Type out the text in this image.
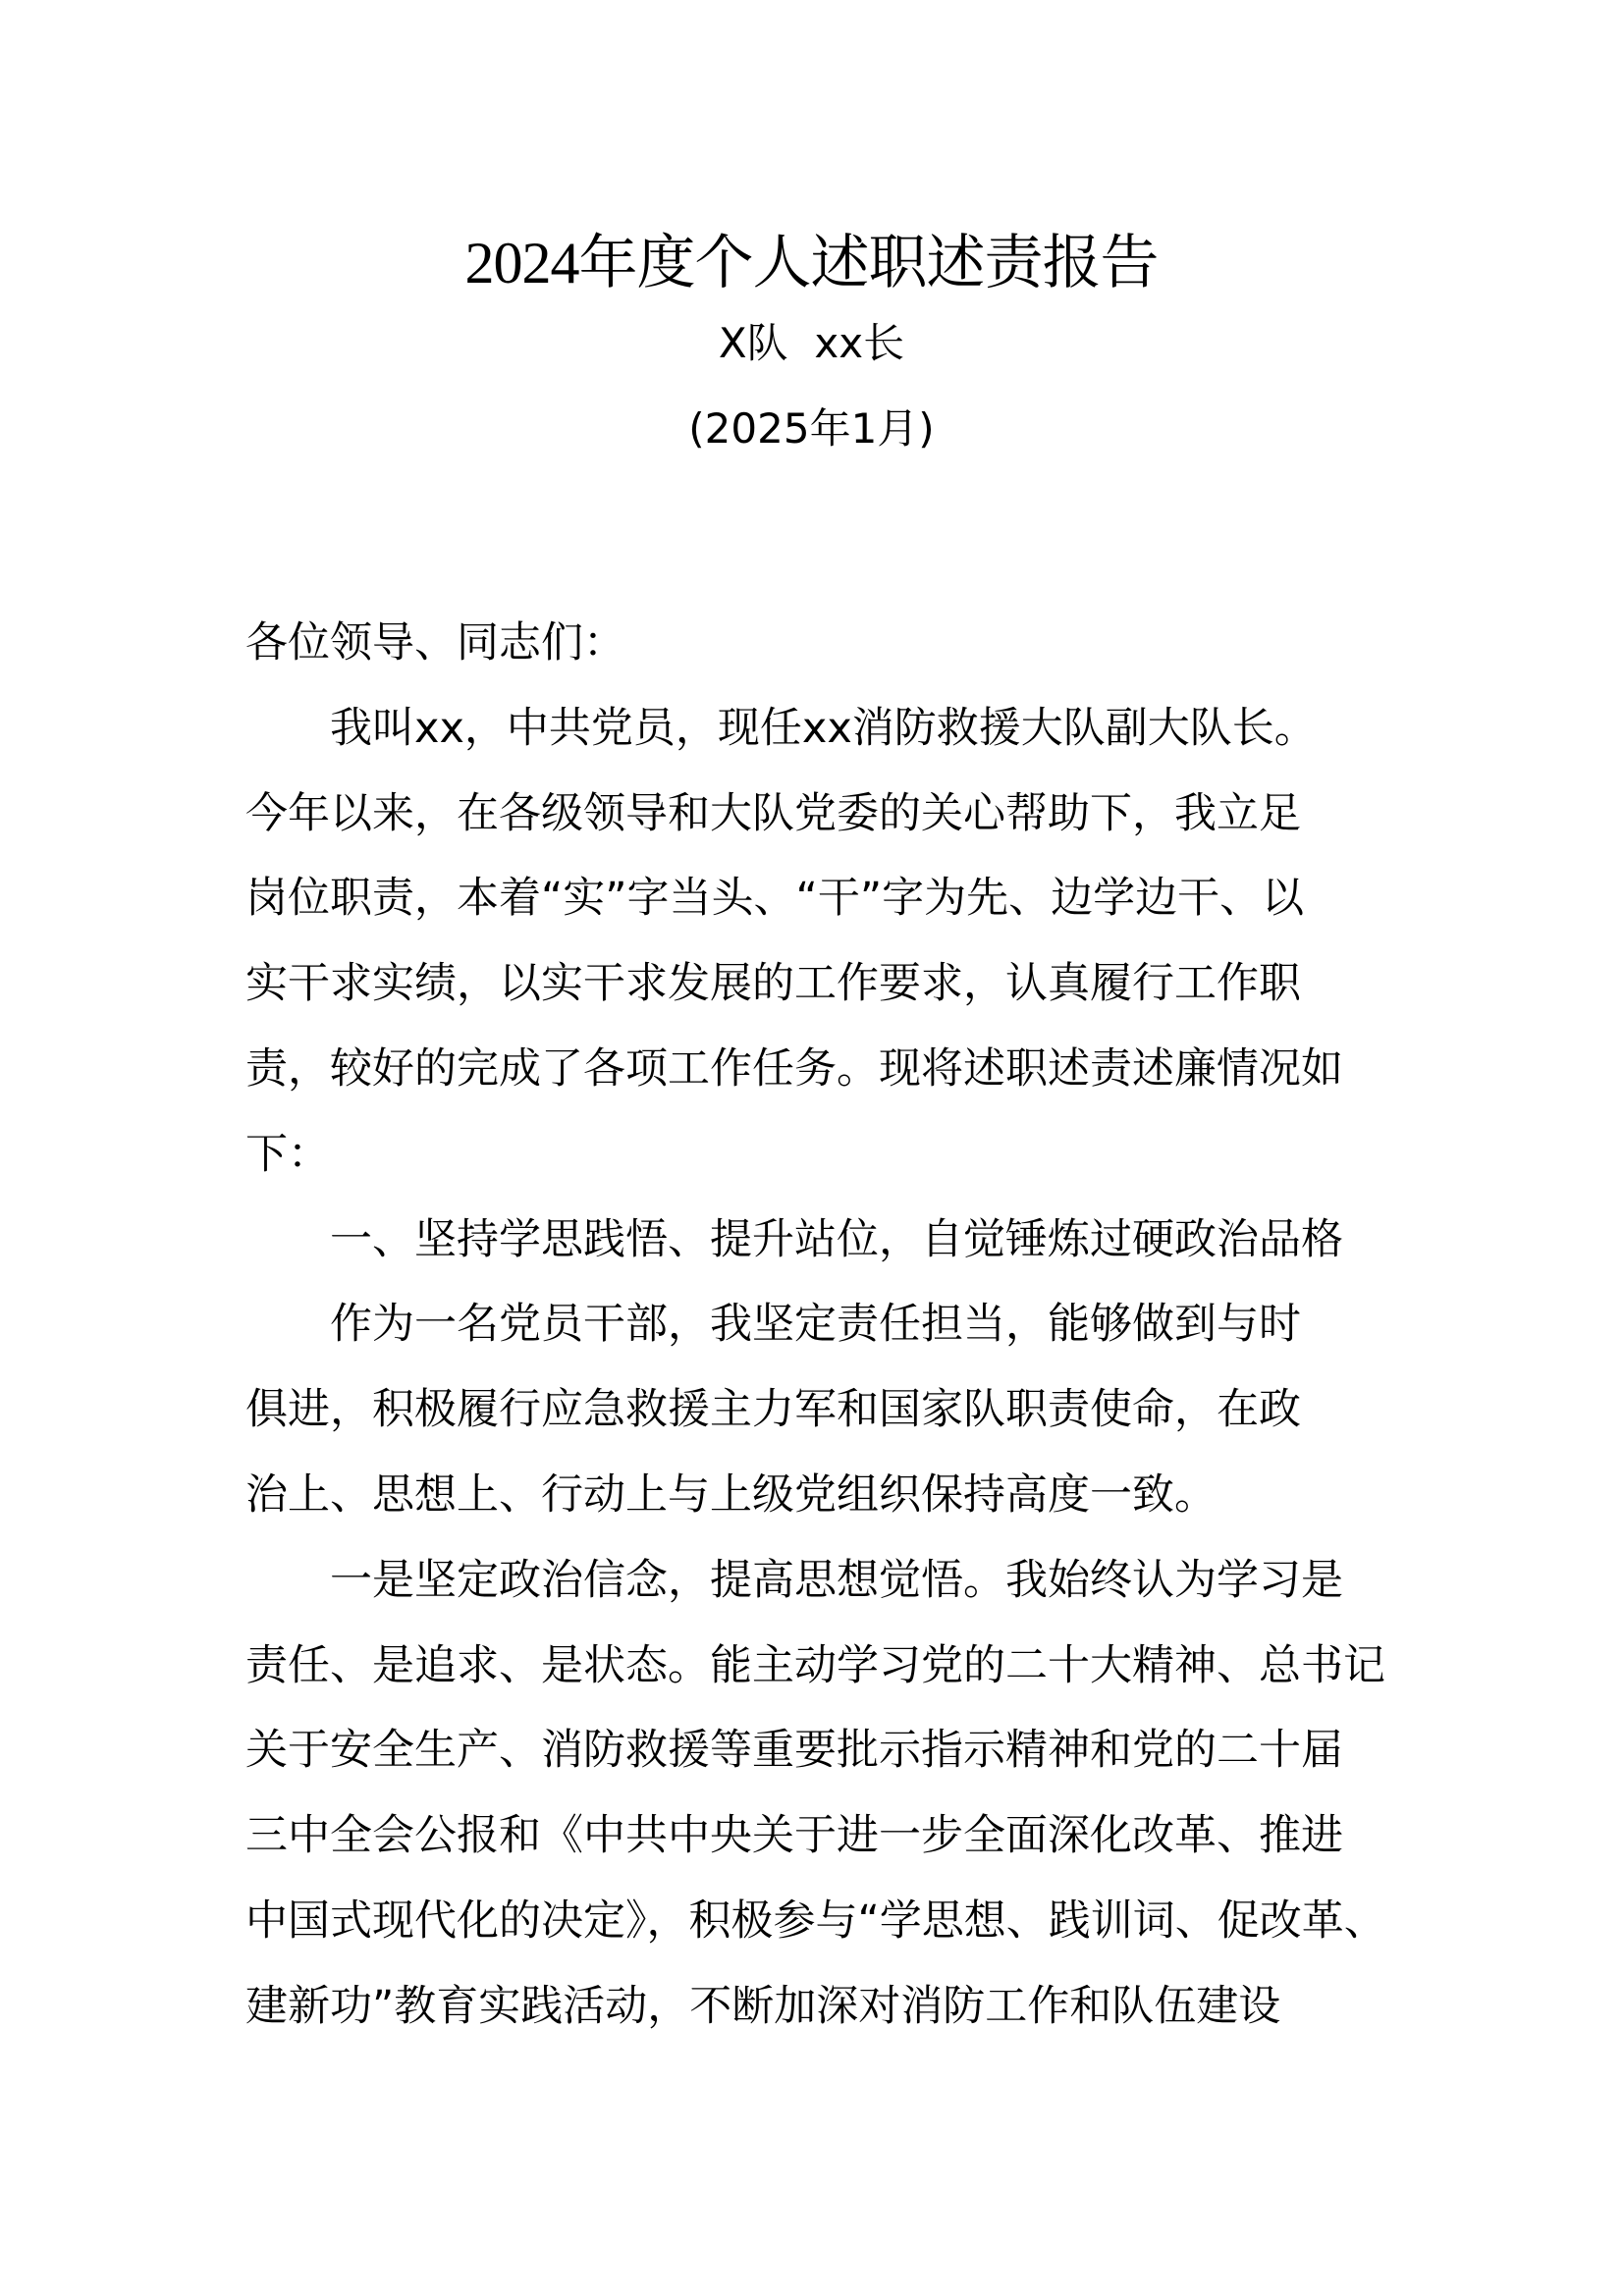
2024年度个人述职述责报告
X队  xx长
(2025年1月)
各位领导、同志们：
我叫xx，中共党员，现任xx消防救援大队副大队长。
今年以来，在各级领导和大队党委的关心帮助下，我立足
岗位职责，本着“实”字当头、“干”字为先、边学边干、以
实干求实绩，以实干求发展的工作要求，认真履行工作职
责，较好的完成了各项工作任务。现将述职述责述廉情况如
下：
一、坚持学思践悟、提升站位，自觉锤炼过硬政治品格
作为一名党员干部，我坚定责任担当，能够做到与时
俱进，积极履行应急救援主力军和国家队职责使命，在政
治上、思想上、行动上与上级党组织保持高度一致。
一是坚定政治信念，提高思想觉悟。我始终认为学习是
责任、是追求、是状态。能主动学习党的二十大精神、总书记
关于安全生产、消防救援等重要批示指示精神和党的二十届
三中全会公报和《中共中央关于进一步全面深化改革、推进
中国式现代化的决定》，积极参与“学思想、践训词、促改革、
建新功”教育实践活动，不断加深对消防工作和队伍建设
